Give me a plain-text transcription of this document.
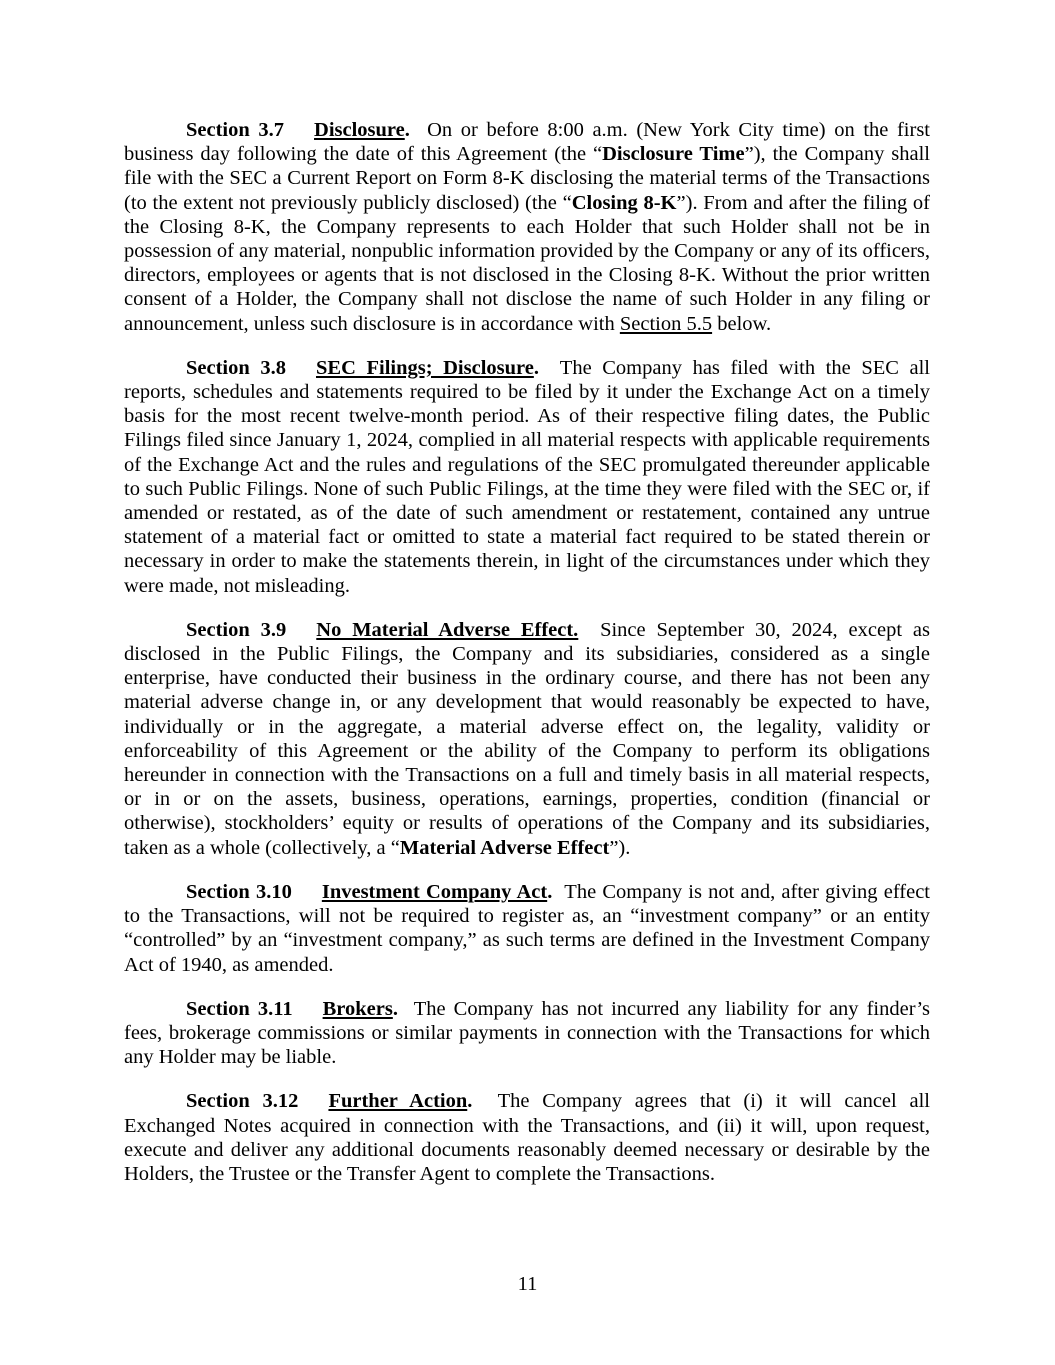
Section 3.7 Disclosure.  On or before 8:00 a.m. (New York City time) on the first business day following the date of this Agreement (the “Disclosure Time”), the Company shall file with the SEC a Current Report on Form 8-K disclosing the material terms of the Transactions (to the extent not previously publicly disclosed) (the “Closing 8-K”). From and after the filing of the Closing 8-K, the Company represents to each Holder that such Holder shall not be in possession of any material, nonpublic information provided by the Company or any of its officers, directors, employees or agents that is not disclosed in the Closing 8-K. Without the prior written consent of a Holder, the Company shall not disclose the name of such Holder in any filing or announcement, unless such disclosure is in accordance with Section 5.5 below.

Section 3.8 SEC Filings; Disclosure.  The Company has filed with the SEC all reports, schedules and statements required to be filed by it under the Exchange Act on a timely basis for the most recent twelve-month period. As of their respective filing dates, the Public Filings filed since January 1, 2024, complied in all material respects with applicable requirements of the Exchange Act and the rules and regulations of the SEC promulgated thereunder applicable to such Public Filings. None of such Public Filings, at the time they were filed with the SEC or, if amended or restated, as of the date of such amendment or restatement, contained any untrue statement of a material fact or omitted to state a material fact required to be stated therein or necessary in order to make the statements therein, in light of the circumstances under which they were made, not misleading.

Section 3.9 No Material Adverse Effect.  Since September 30, 2024, except as disclosed in the Public Filings, the Company and its subsidiaries, considered as a single enterprise, have conducted their business in the ordinary course, and there has not been any material adverse change in, or any development that would reasonably be expected to have, individually or in the aggregate, a material adverse effect on, the legality, validity or enforceability of this Agreement or the ability of the Company to perform its obligations hereunder in connection with the Transactions on a full and timely basis in all material respects, or in or on the assets, business, operations, earnings, properties, condition (financial or otherwise), stockholders’ equity or results of operations of the Company and its subsidiaries, taken as a whole (collectively, a “Material Adverse Effect”).

Section 3.10 Investment Company Act.  The Company is not and, after giving effect to the Transactions, will not be required to register as, an “investment company” or an entity “controlled” by an “investment company,” as such terms are defined in the Investment Company Act of 1940, as amended.

Section 3.11 Brokers.  The Company has not incurred any liability for any finder’s fees, brokerage commissions or similar payments in connection with the Transactions for which any Holder may be liable.

Section 3.12 Further Action.  The Company agrees that (i) it will cancel all Exchanged Notes acquired in connection with the Transactions, and (ii) it will, upon request, execute and deliver any additional documents reasonably deemed necessary or desirable by the Holders, the Trustee or the Transfer Agent to complete the Transactions.

11
